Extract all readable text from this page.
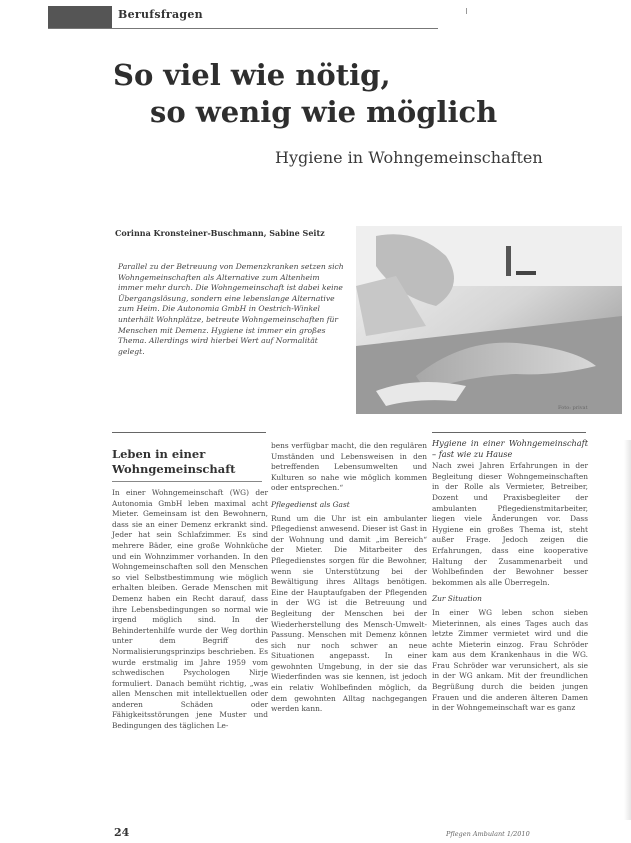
Berufsfragen
So viel wie nötig,
so wenig wie möglich
Hygiene in Wohngemeinschaften
Corinna Kronsteiner-Buschmann, Sabine Seitz
Parallel zu der Betreuung von Demenzkranken setzen sich Wohngemeinschaften als Alternative zum Altenheim immer mehr durch. Die Wohngemeinschaft ist dabei keine Übergangslösung, sondern eine lebenslange Alternative zum Heim. Die Autonomia GmbH in Oestrich-Winkel unterhält Wohnplätze, betreute Wohngemeinschaften für Menschen mit Demenz. Hygiene ist immer ein großes Thema. Allerdings wird hierbei Wert auf Normalität gelegt.
Foto: privat
Leben in einer Wohngemeinschaft

In einer Wohngemeinschaft (WG) der Autonomia GmbH leben maximal acht Mieter. Gemeinsam ist den Bewohnern, dass sie an einer Demenz erkrankt sind. Jeder hat sein Schlafzimmer. Es sind mehrere Bäder, eine große Wohnküche und ein Wohnzimmer vorhanden. In den Wohngemeinschaften soll den Menschen so viel Selbstbestimmung wie möglich erhalten bleiben. Gerade Menschen mit Demenz haben ein Recht darauf, dass ihre Lebensbedingungen so normal wie irgend möglich sind. In der Behindertenhilfe wurde der Weg dorthin unter dem Begriff des Normalisierungsprinzips beschrieben. Es wurde erstmalig im Jahre 1959 vom schwedischen Psychologen Nirje formuliert. Danach bemüht richtig, „was allen Menschen mit intellektuellen oder anderen Schäden oder Fähigkeitsstörungen jene Muster und Bedingungen des täglichen Le-

bens verfügbar macht, die den regulären Umständen und Lebensweisen in den betreffenden Lebensumwelten und Kulturen so nahe wie möglich kommen oder entsprechen.“

Pflegedienst als Gast

Rund um die Uhr ist ein ambulanter Pflegedienst anwesend. Dieser ist Gast in der Wohnung und damit „im Bereich“ der Mieter. Die Mitarbeiter des Pflegedienstes sorgen für die Bewohner, wenn sie Unterstützung bei der Bewältigung ihres Alltags benötigen. Eine der Hauptaufgaben der Pflegenden in der WG ist die Betreuung und Begleitung der Menschen bei der Wiederherstellung des Mensch-Umwelt-Passung. Menschen mit Demenz können sich nur noch schwer an neue Situationen angepasst. In einer gewohnten Umgebung, in der sie das Wiederfinden was sie kennen, ist jedoch ein relativ Wohlbefinden möglich, da dem gewohnten Alltag nachgegangen werden kann.

Hygiene in einer Wohngemeinschaft – fast wie zu Hause

Nach zwei Jahren Erfahrungen in der Begleitung dieser Wohngemeinschaften in der Rolle als Vermieter, Betreiber, Dozent und Praxisbegleiter der ambulanten Pflegedienstmitarbeiter, liegen viele Änderungen vor. Dass Hygiene ein großes Thema ist, steht außer Frage. Jedoch zeigen die Erfahrungen, dass eine kooperative Haltung der Zusammenarbeit und Wohlbefinden der Bewohner besser bekommen als alle Überregeln.

Zur Situation

In einer WG leben schon sieben Mieterinnen, als eines Tages auch das letzte Zimmer vermietet wird und die achte Mieterin einzog. Frau Schröder kam aus dem Krankenhaus in die WG. Frau Schröder war verunsichert, als sie in der WG ankam. Mit der freundlichen Begrüßung durch die beiden jungen Frauen und die anderen älteren Damen in der Wohngemeinschaft war es ganz

24	Pflegen Ambulant 1/2010
